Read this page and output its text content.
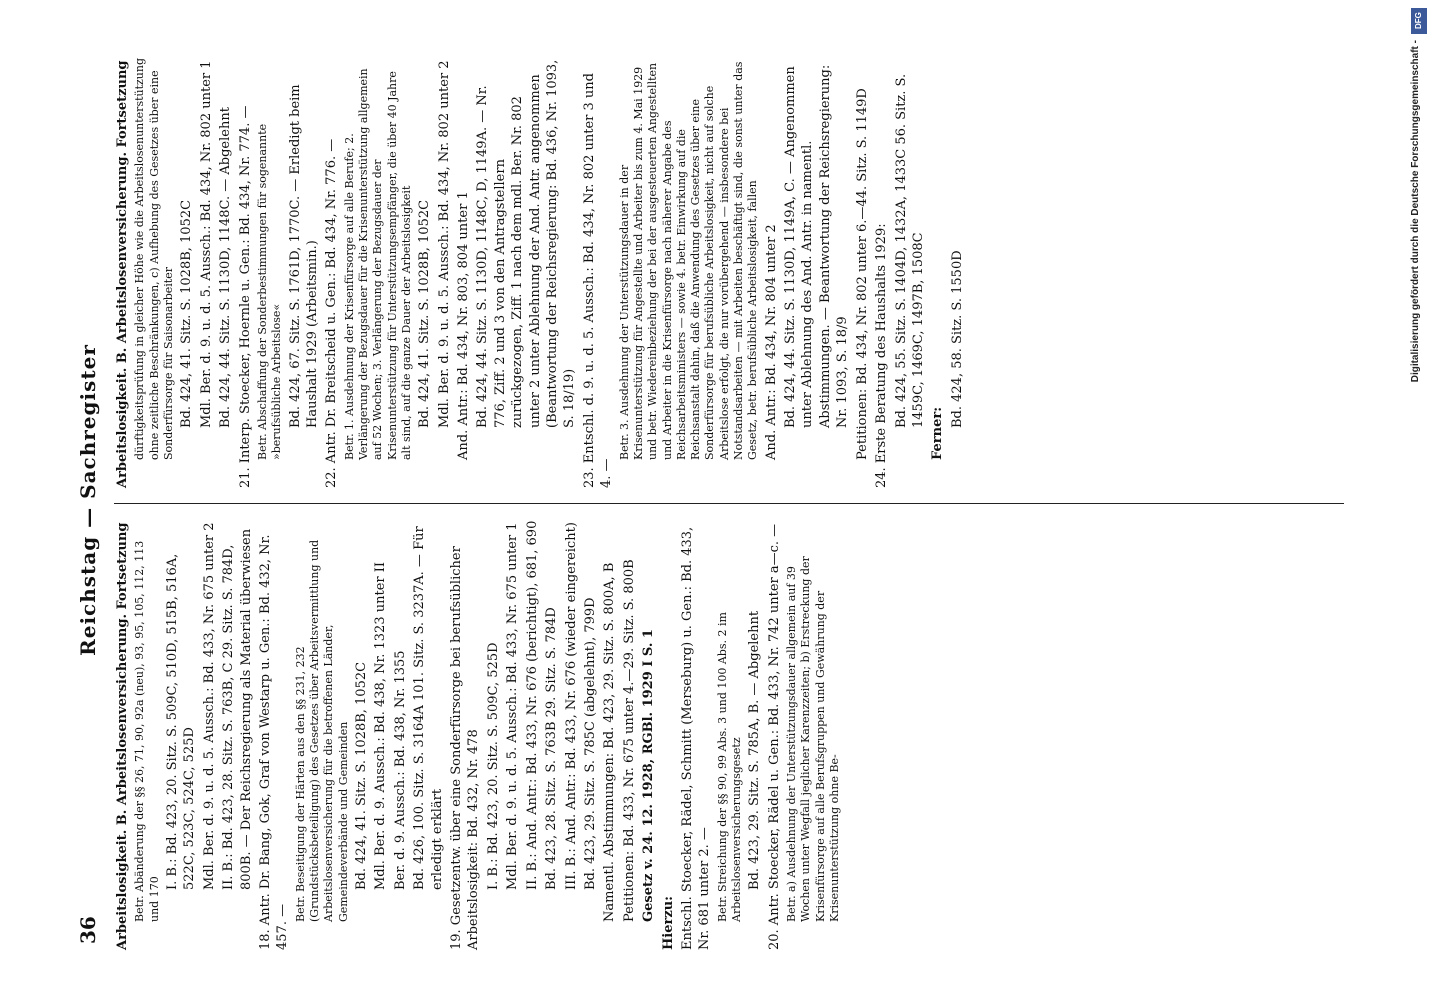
36
Reichstag — Sachregister

Arbeitslosigkeit. B. Arbeitslosenversicherung. Fortsetzung Betr. Abänderung der §§ 26, 71, 90, 92a (neu), 93, 95, 105, 112, 113 und 170

I. B.: Bd. 423, 20. Sitz. S. 509C, 510D, 515B, 516A, 522C, 523C, 524C, 525D Mdl. Ber. d. 9. u. d. 5. Aussch.: Bd. 433, Nr. 675 unter 2 II. B.: Bd. 423, 28. Sitz. S. 763B, C 29. Sitz. S. 784D, 800B. — Der Reichsregierung als Material überwiesen 18. Antr. Dr. Bang, Gok, Graf von Westarp u. Gen.: Bd. 432, Nr. 457. —

Betr. Beseitigung der Härten aus den §§ 231, 232 (Grundstücksbeteiligung) des Gesetzes über Arbeitsvermittlung und Arbeitslosenversicherung für die betroffenen Länder, Gemeindeverbände und Gemeinden Bd. 424, 41. Sitz. S. 1028B, 1052C Mdl. Ber. d. 9. Aussch.: Bd. 438, Nr. 1323 unter II Ber. d. 9. Aussch.: Bd. 438, Nr. 1355 Bd. 426, 100. Sitz. S. 3164A 101. Sitz. S. 3237A. — Für erledigt erklärt 19. Gesetzentw. über eine Sonderfürsorge bei berufsüblicher Arbeitslosigkeit: Bd. 432, Nr. 478 I. B.: Bd. 423, 20. Sitz. S. 509C, 525D Mdl. Ber. d. 9. u. d. 5. Aussch.: Bd. 433, Nr. 675 unter 1 II. B.: And. Antr.: Bd. 433, Nr. 676 (berichtigt), 681, 690 Bd. 423, 28. Sitz. S. 763B 29. Sitz. S. 784D III. B.: And. Antr.: Bd. 433, Nr. 676 (wieder eingereicht) Bd. 423, 29. Sitz. S. 785C (abgelehnt), 799D Namentl. Abstimmungen: Bd. 423, 29. Sitz. S. 800A, B Petitionen: Bd. 433, Nr. 675 unter 4.—29. Sitz. S. 800B Gesetz v. 24. 12. 1928, RGBl. 1929 I S. 1

Hierzu: Entschl. Stoecker, Rädel, Schmitt (Merseburg) u. Gen.: Bd. 433, Nr. 681 unter 2. — Betr. Streichung der §§ 90, 99 Abs. 3 und 100 Abs. 2 im Arbeitslosenversicherungsgesetz Bd. 423, 29. Sitz. S. 785A, B. — Abgelehnt 20. Antr. Stoecker, Rädel u. Gen.: Bd. 433, Nr. 742 unter a—c. — Betr. a) Ausdehnung der Unterstützungsdauer allgemein auf 39 Wochen unter Wegfall jeglicher Karenzzeiten; b) Erstreckung der Krisenfürsorge auf alle Berufsgruppen und Gewährung der Krisenunterstützung ohne Be-

Arbeitslosigkeit. B. Arbeitslosenversicherung. Fortsetzung dürftigkeitsprüfung in gleicher Höhe wie die Arbeitslosenunterstützung ohne zeitliche Beschränkungen, c) Aufhebung des Gesetzes über eine Sonderfürsorge für Saisonarbeiter Bd. 424, 41. Sitz. S. 1028B, 1052C Mdl. Ber. d. 9. u. d. 5. Aussch.: Bd. 434, Nr. 802 unter 1 Bd. 424, 44. Sitz. S. 1130D, 1148C. — Abgelehnt 21. Interp. Stoecker, Hoernle u. Gen.: Bd. 434, Nr. 774. — Betr. Abschaffung der Sonderbestimmungen für sogenannte »berufsübliche Arbeitslose« Bd. 424, 67. Sitz. S. 1761D, 1770C. — Erledigt beim Haushalt 1929 (Arbeitsmin.) 22. Antr. Dr. Breitscheid u. Gen.: Bd. 434, Nr. 776. — Betr. 1. Ausdehnung der Krisenfürsorge auf alle Berufe; 2. Verlängerung der Bezugsdauer für die Krisenunterstützung allgemein auf 52 Wochen; 3. Verlängerung der Bezugsdauer der Krisenunterstützung für Unterstützungsempfänger, die über 40 Jahre alt sind, auf die ganze Dauer der Arbeitslosigkeit Bd. 424, 41. Sitz. S. 1028B, 1052C Mdl. Ber. d. 9. u. d. 5. Aussch.: Bd. 434, Nr. 802 unter 2 And. Antr.: Bd. 434, Nr. 803, 804 unter 1 Bd. 424, 44. Sitz. S. 1130D, 1148C, D, 1149A. — Nr. 776, Ziff. 2 und 3 von den Antragstellern zurückgezogen, Ziff. 1 nach dem mdl. Ber. Nr. 802 unter 2 unter Ablehnung der And. Antr. angenommen (Beantwortung der Reichsregierung: Bd. 436, Nr. 1093, S. 18/19) 23. Entschl. d. 9. u. d. 5. Aussch.: Bd. 434, Nr. 802 unter 3 und 4. —

Betr. 3. Ausdehnung der Unterstützungsdauer in der Krisenunterstützung für Angestellte und Arbeiter bis zum 4. Mai 1929 und betr. Wiedereinbeziehung der bei der ausgesteuerten Angestellten und Arbeiter in die Krisenfürsorge nach näherer Angabe des Reichsarbeitsministers — sowie 4. betr. Einwirkung auf die Reichsanstalt dahin, daß die Anwendung des Gesetzes über eine Sonderfürsorge für berufsübliche Arbeitslosigkeit, nicht auf solche Arbeitslose erfolgt, die nur vorübergehend — insbesondere bei Notstandsarbeiten — mit Arbeiten beschäftigt sind, die sonst unter das Gesetz, betr. berufsübliche Arbeitslosigkeit, fallen And. Antr.: Bd. 434, Nr. 804 unter 2 Bd. 424, 44. Sitz. S. 1130D, 1149A, C. — Angenommen unter Ablehnung des And. Antr. in namentl. Abstimmungen. — Beantwortung der Reichsregierung: Nr. 1093, S. 18/9 Petitionen: Bd. 434, Nr. 802 unter 6.—44. Sitz. S. 1149D 24. Erste Beratung des Haushalts 1929: Bd. 424, 55. Sitz. S. 1404D, 1432A, 1433C 56. Sitz. S. 1459C, 1469C, 1497B, 1508C

Ferner:

Bd. 424, 58. Sitz. S. 1550D

DFG
Digitalisierung gefördert durch die Deutsche Forschungsgemeinschaft -
